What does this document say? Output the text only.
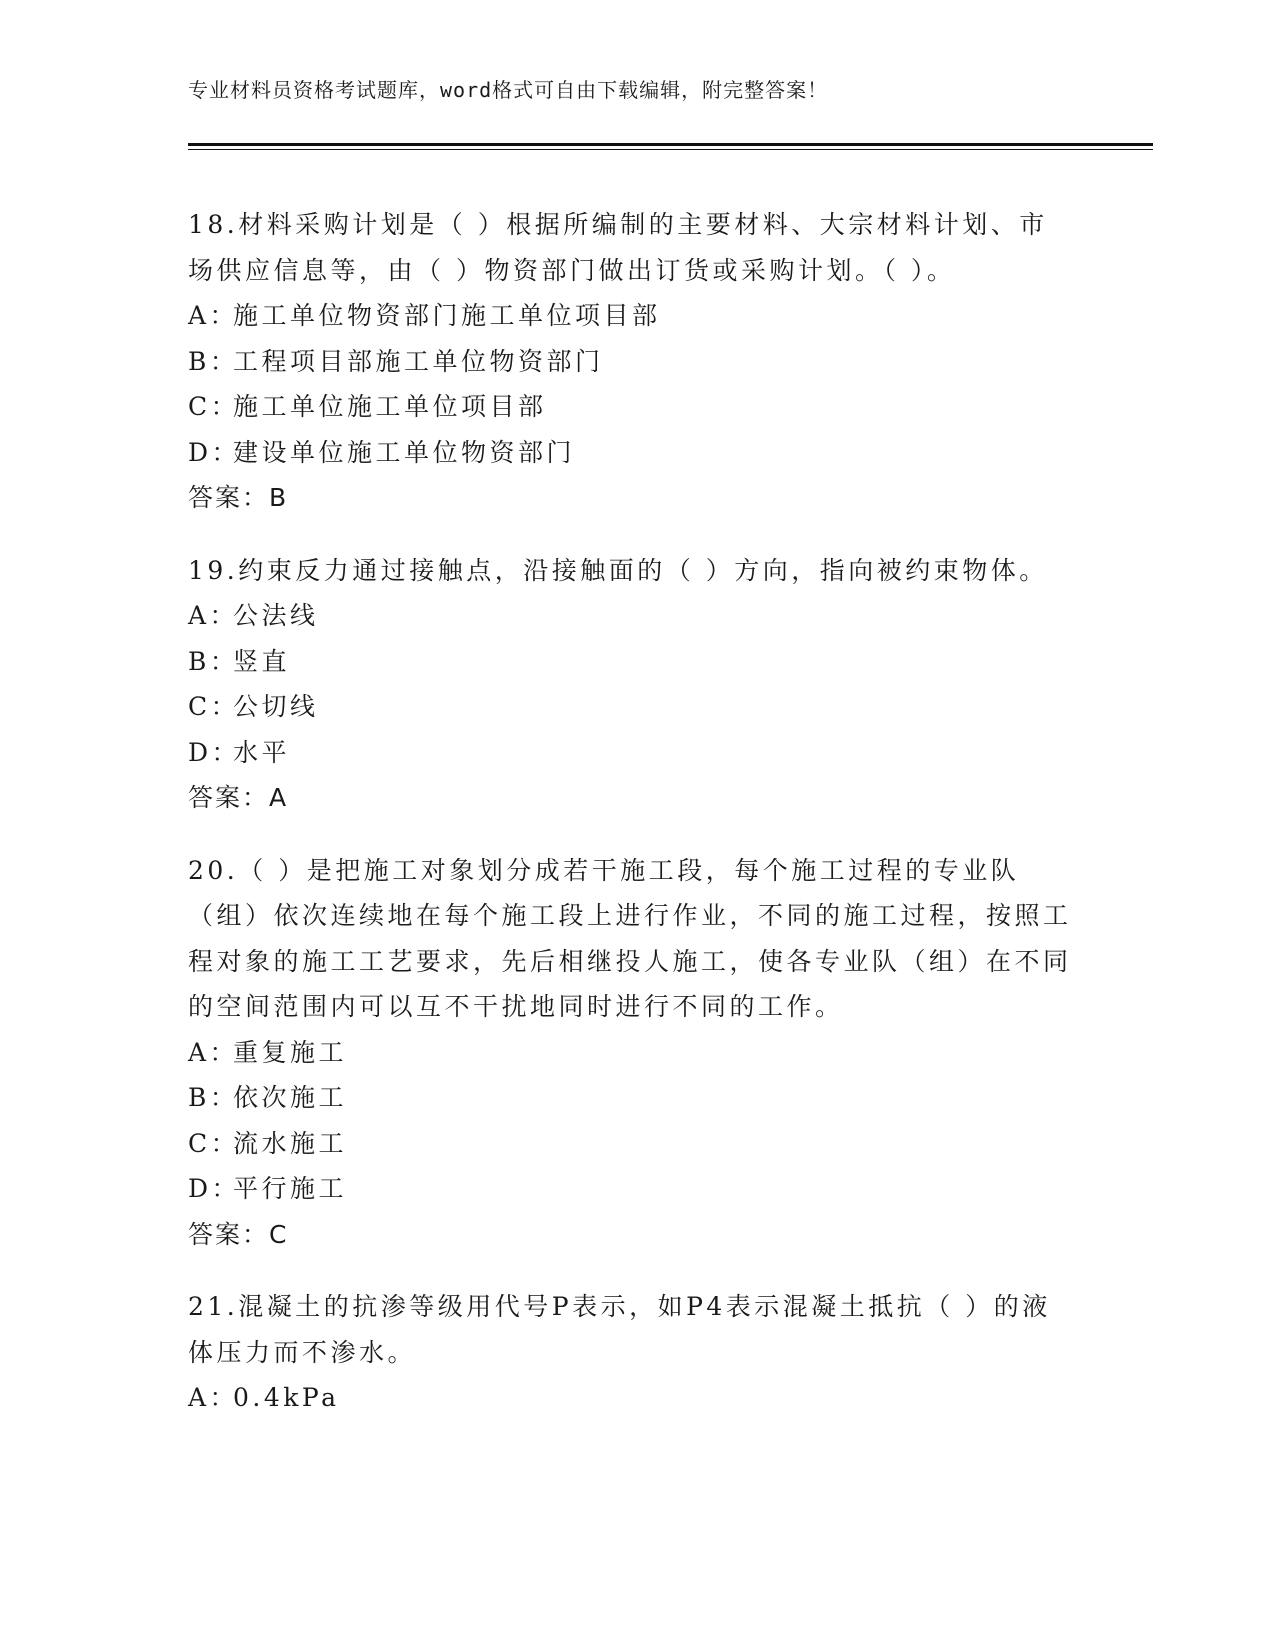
专业材料员资格考试题库，word格式可自由下载编辑，附完整答案！

18.材料采购计划是（ ）根据所编制的主要材料、大宗材料计划、市场供应信息等，由（ ）物资部门做出订货或采购计划。（ ）。

A：施工单位物资部门施工单位项目部
B：工程项目部施工单位物资部门
C：施工单位施工单位项目部
D：建设单位施工单位物资部门
答案：B

19.约束反力通过接触点，沿接触面的（ ）方向，指向被约束物体。

A：公法线
B：竖直
C：公切线
D：水平
答案：A

20.（ ）是把施工对象划分成若干施工段，每个施工过程的专业队（组）依次连续地在每个施工段上进行作业，不同的施工过程，按照工程对象的施工工艺要求，先后相继投人施工，使各专业队（组）在不同的空间范围内可以互不干扰地同时进行不同的工作。

A：重复施工
B：依次施工
C：流水施工
D：平行施工
答案：C

21.混凝土的抗渗等级用代号P表示，如P4表示混凝土抵抗（ ）的液体压力而不渗水。

A：0.4kPa
